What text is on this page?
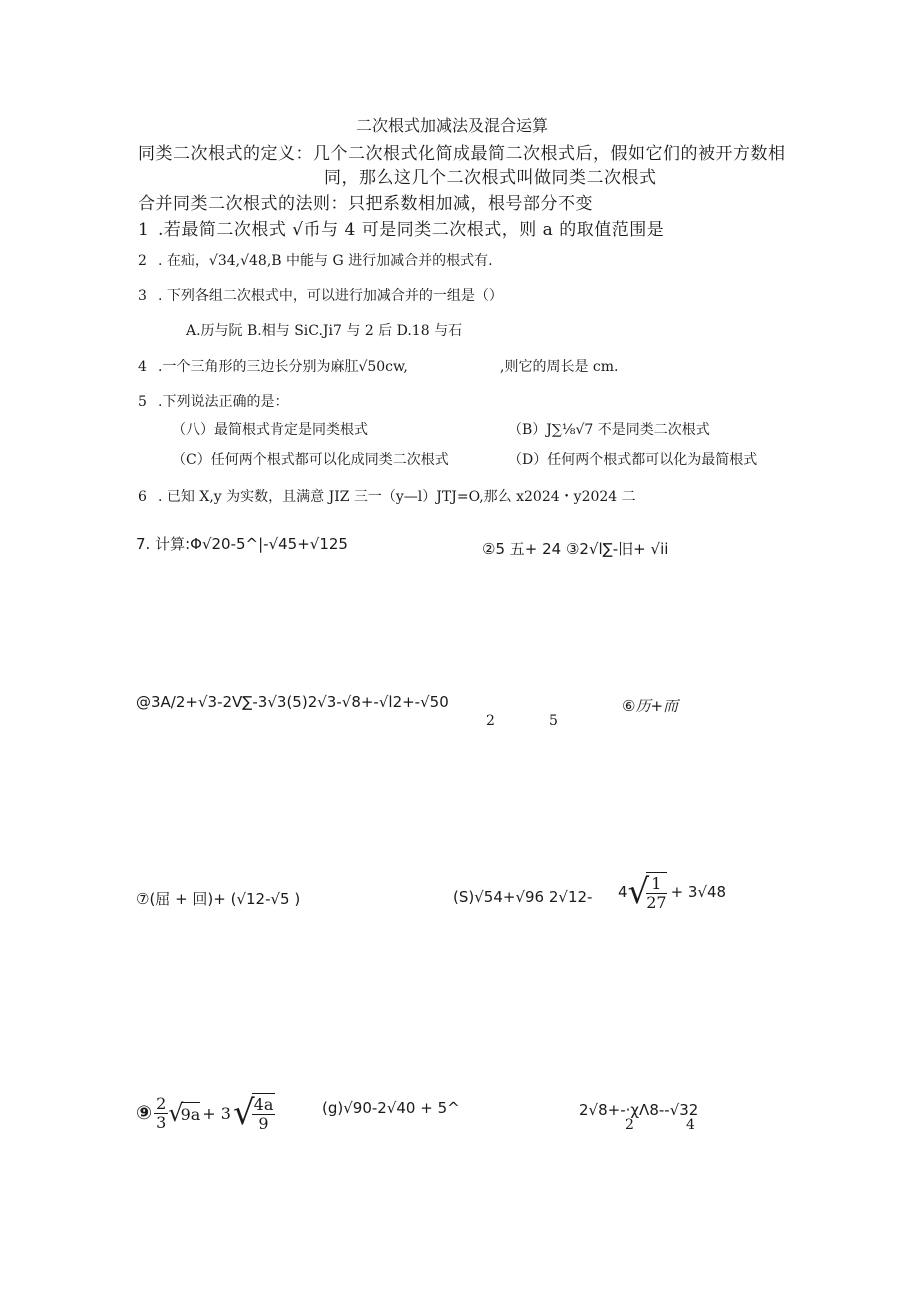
二次根式加减法及混合运算
同类二次根式的定义：几个二次根式化简成最简二次根式后，假如它们的被开方数相
同，那么这几个二次根式叫做同类二次根式
合并同类二次根式的法则：只把系数相加减，根号部分不变
1 .若最简二次根式 √币与 4 可是同类二次根式，则 a 的取值范围是
2 . 在疝，√34,√48,B 中能与 G 进行加减合并的根式有.
3 . 下列各组二次根式中，可以进行加减合并的一组是（）
A.历与阮 B.相与 SiC.Ji7 与 2 后 D.18 与石
4 .一个三角形的三边长分别为麻肛√50cw,	,则它的周长是 cm.
5 .下列说法正确的是：
（八）最简根式肯定是同类根式	（B）J∑⅛√7 不是同类二次根式
（C）任何两个根式都可以化成同类二次根式	（D）任何两个根式都可以化为最简根式
6 . 已知 X,y 为实数，且满意 JIZ 三一（y—l）JTJ=O,那么 x2024・y2024 二
7. 计算:Φ√20-5^|-√45+√125	②5 五+ 24 ③2√l∑-旧+ √ii
@3A/2+√3-2V∑-3√3(5)2√3-√8+-√l2+-√50
2	5
⑥历+而
⑦(屈 + 回)+ (√12-√5 )	(S)√54+√96 2√12- 4√
$\frac{1}{27} + 3√48$
⑨ $\frac{2}{3} √9a + 3√$
$\frac{4a}{9}$	(g)√90-2√40 + 5^	2√8+-·χΛ8--√32
2	4
